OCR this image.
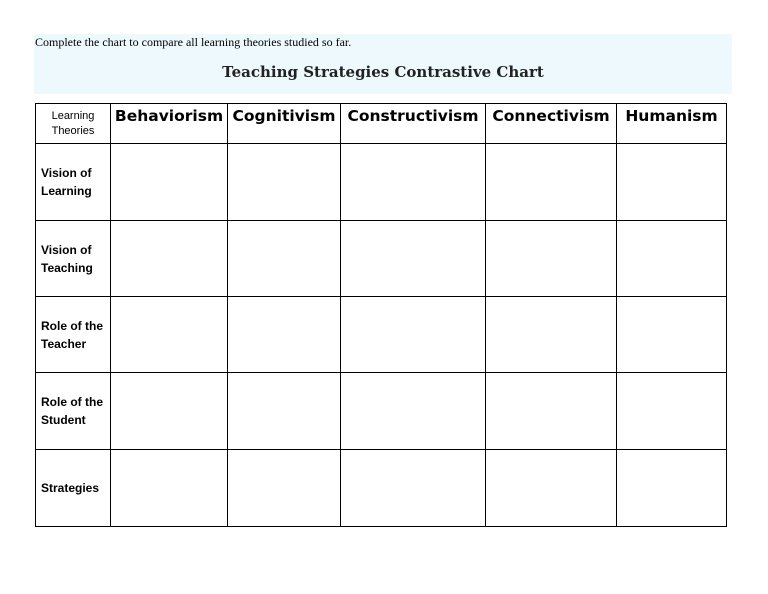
Complete the chart to compare all learning theories studied so far.
Teaching Strategies Contrastive Chart
Learning
Theories	Behaviorism	Cognitivism	Constructivism	Connectivism	Humanism

Vision of
Learning					

Vision of
Teaching					

Role of the
Teacher					

Role of the
Student					

Strategies					
